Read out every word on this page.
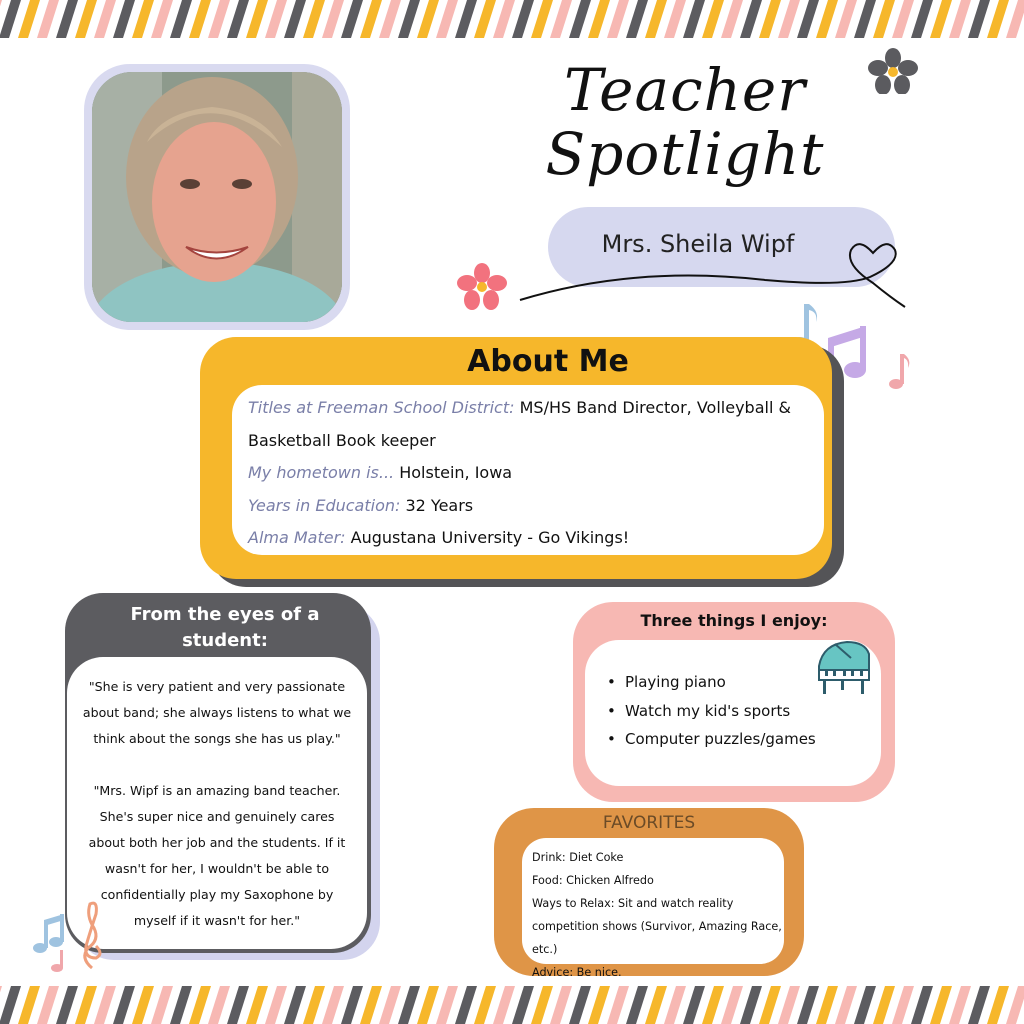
Teacher
Spotlight
Mrs. Sheila Wipf
About Me
Titles at Freeman School District: MS/HS Band Director, Volleyball &
Basketball Book keeper
My hometown is... Holstein, Iowa
Years in Education: 32 Years
Alma Mater: Augustana University - Go Vikings!
From the eyes of a
student:
"She is very patient and very passionate about band; she always listens to what we think about the songs she has us play."
"Mrs. Wipf is an amazing band teacher. She's super nice and genuinely cares about both her job and the students. If it wasn't for her, I wouldn't be able to confidentially play my Saxophone by myself if it wasn't for her."
Three things I enjoy:
• Playing piano
• Watch my kid's sports
• Computer puzzles/games
FAVORITES
Drink: Diet Coke
Food: Chicken Alfredo
Ways to Relax: Sit and watch reality
competition shows (Survivor, Amazing Race, etc.)
Advice: Be nice.
